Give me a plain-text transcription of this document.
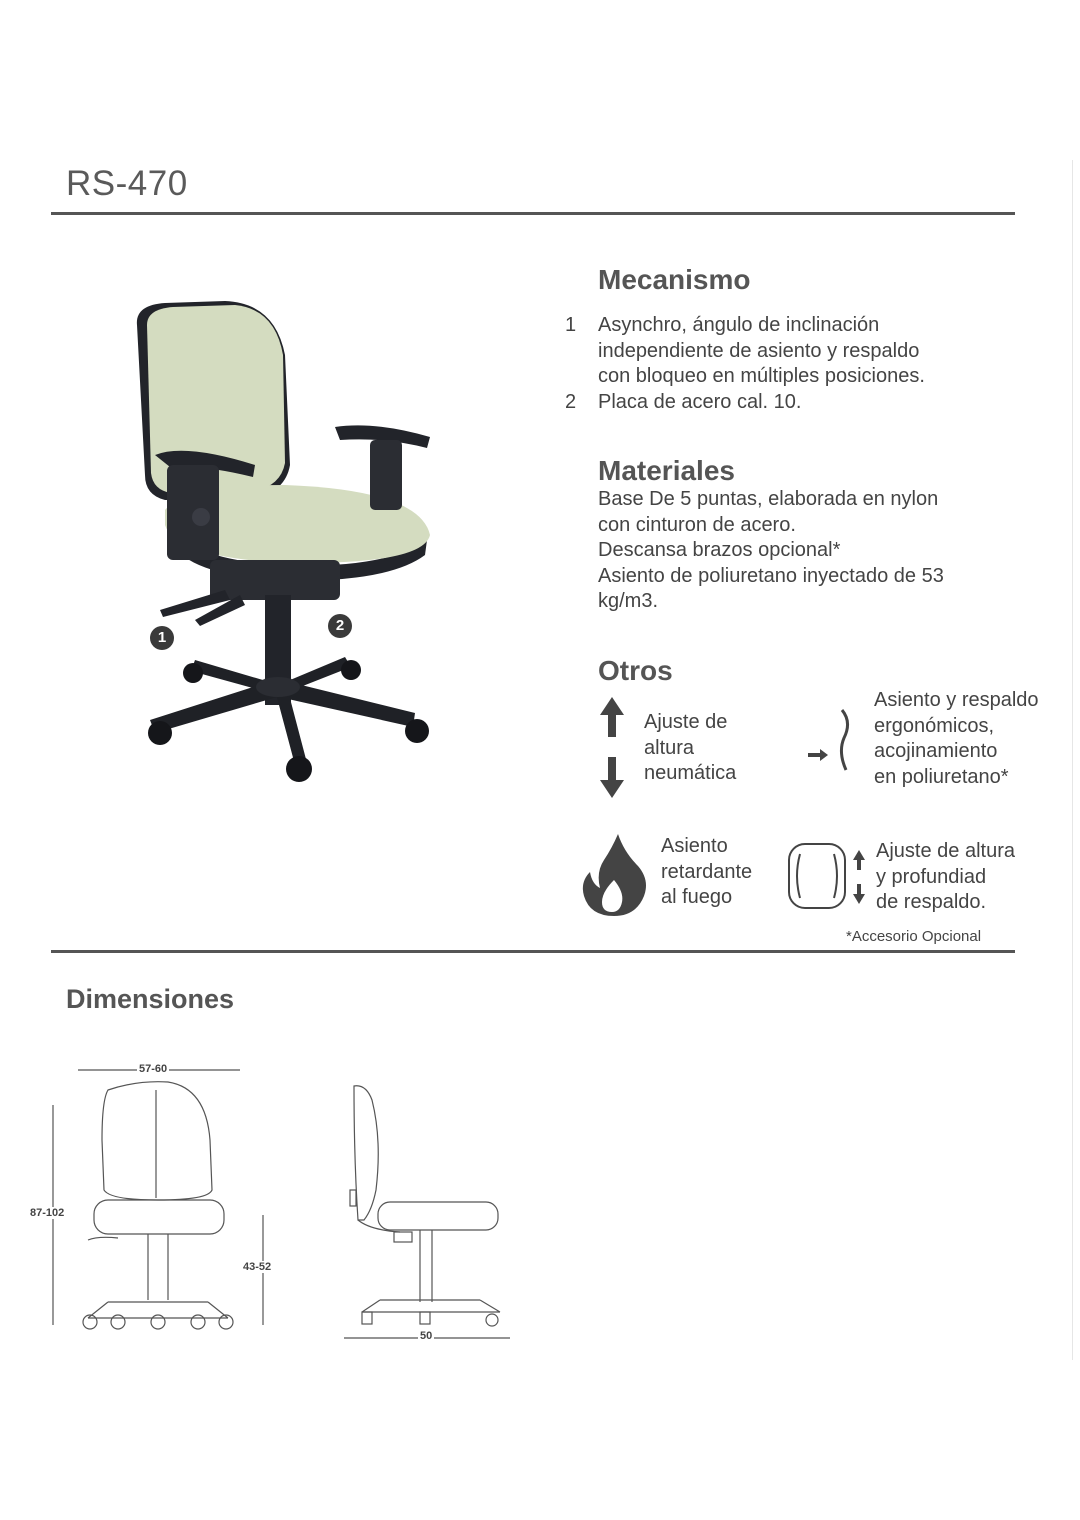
RS-470
1
2
Mecanismo
1	Asynchro, ángulo de inclinación
independiente de asiento y respaldo
con bloqueo en múltiples posiciones.
2	Placa de acero cal. 10.
Materiales
Base De 5 puntas, elaborada en nylon
con cinturon de acero.
Descansa brazos opcional*
Asiento de poliuretano inyectado de 53
kg/m3.
Otros
Ajuste de
altura
neumática
Asiento y respaldo
ergonómicos,
acojinamiento
en poliuretano*
Asiento
retardante
al fuego
Ajuste de altura
y profundiad
de respaldo.
*Accesorio Opcional
Dimensiones
57-60
87-102
43-52
50
